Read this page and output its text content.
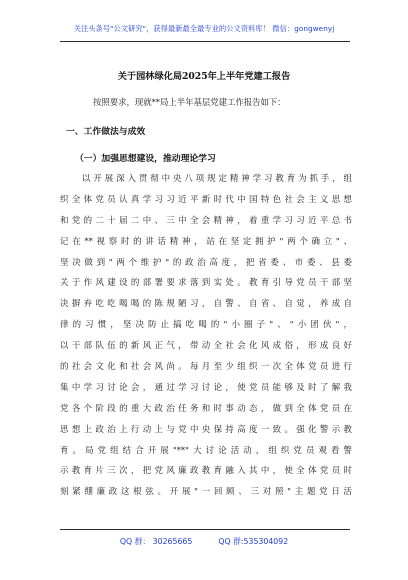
关注头条号"公文研究"，获得最新最全最专业的公文资料库！ 微信：gongwenyj
关于园林绿化局2025年上半年党建工报告
按照要求，现就**局上半年基层党建工作报告如下：
一、工作做法与成效
（一）加强思想建设，推动理论学习
以开展深入贯彻中央八项规定精神学习教育为抓手，组
织全体党员认真学习习近平新时代中国特色社会主义思想
和党的二十届二中、三中全会精神，着重学习习近平总书
记在**视察时的讲话精神，站在坚定拥护"两个确立"、
坚决做到"两个维护"的政治高度，把省委、市委、县委
关于作风建设的部署要求落到实处。教育引导党员干部坚
决摒弃吃吃喝喝的陈规陋习，自警、自省、自觉，养成自
律的习惯，坚决防止搞吃喝的"小圈子"、"小团伙"，
以干部队伍的新风正气，带动全社会化风成俗，形成良好
的社会文化和社会风尚。每月至少组织一次全体党员进行
集中学习讨论会，通过学习讨论，使党员能够及时了解我
党各个阶段的重大政治任务和时事动态，做到全体党员在
思想上政治上行动上与党中央保持高度一致。强化警示教
育。局党组结合开展"**"大讨论活动，组织党员观看警
示教育片三次，把党风廉政教育融入其中，使全体党员时
刻紧绷廉政这根弦。开展"一回顾、三对照"主题党日活
QQ 群： 30265665	QQ 群:535304092
